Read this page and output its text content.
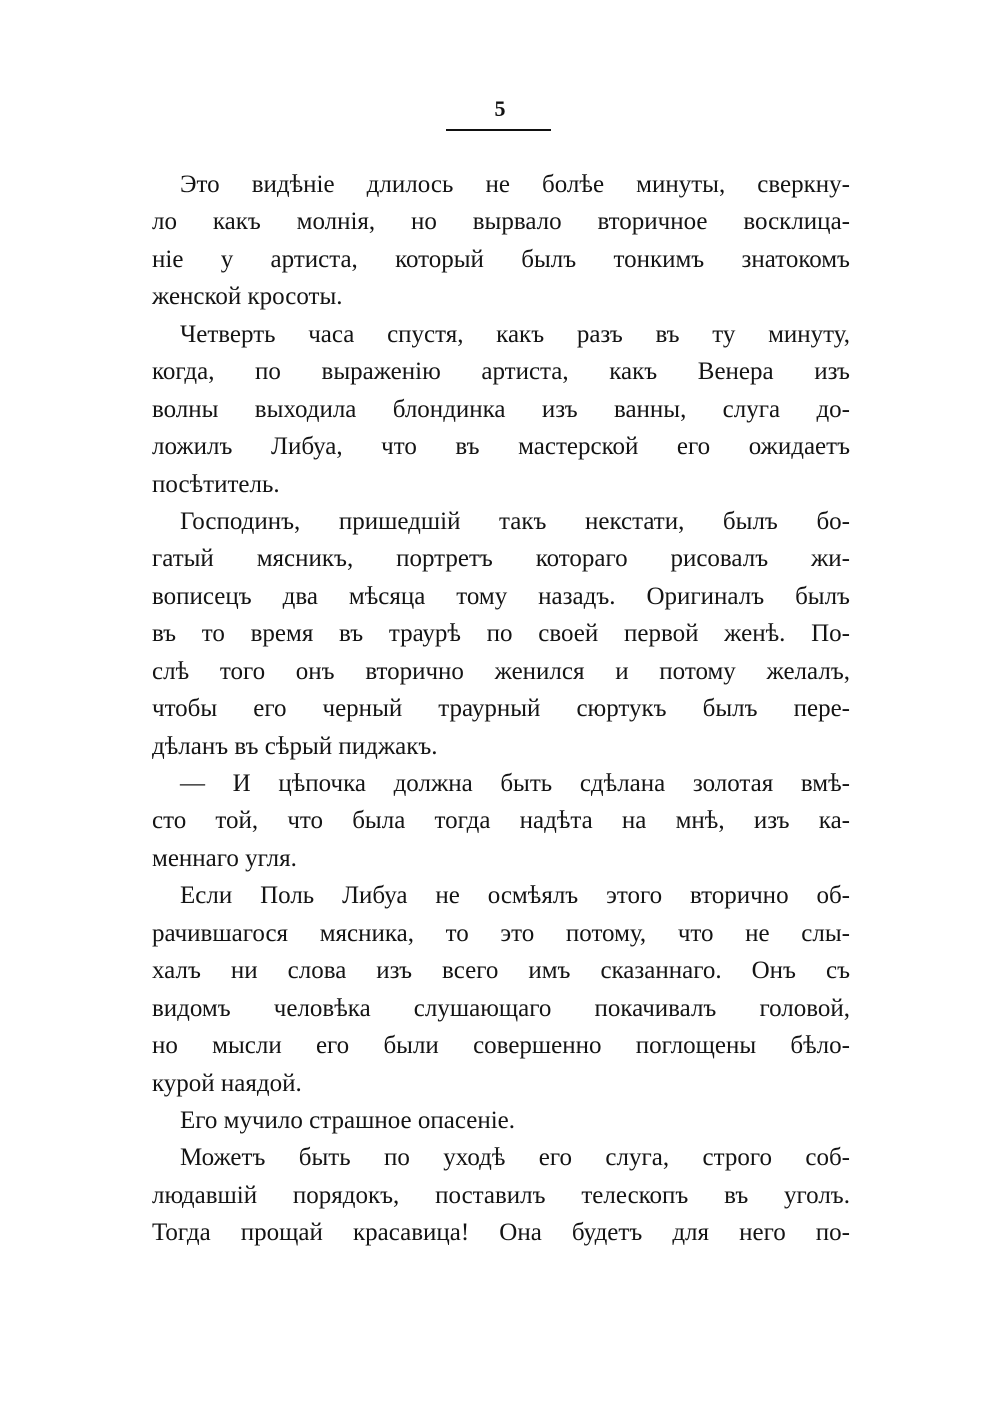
5
Это видѣніе длилось не болѣе минуты, сверкну-
ло какъ молнія, но вырвало вторичное восклица-
ніе у артиста, который былъ тонкимъ знатокомъ
женской кросоты.
Четверть часа спустя, какъ разъ въ ту минуту,
когда, по выраженію артиста, какъ Венера изъ
волны выходила блондинка изъ ванны, слуга до-
ложилъ Либуа, что въ мастерской его ожидаетъ
посѣтитель.
Господинъ, пришедшій такъ некстати, былъ бо-
гатый мясникъ, портретъ котораго рисовалъ жи-
вописецъ два мѣсяца тому назадъ. Оригиналъ былъ
въ то время въ траурѣ по своей первой женѣ. По-
слѣ того онъ вторично женился и потому желалъ,
чтобы его черный траурный сюртукъ былъ пере-
дѣланъ въ сѣрый пиджакъ.
— И цѣпочка должна быть сдѣлана золотая вмѣ-
сто той, что была тогда надѣта на мнѣ, изъ ка-
меннаго угля.
Если Поль Либуа не осмѣялъ этого вторично об-
рачившагося мясника, то это потому, что не слы-
халъ ни слова изъ всего имъ сказаннаго. Онъ съ
видомъ человѣка слушающаго покачивалъ головой,
но мысли его были совершенно поглощены бѣло-
курой наядой.
Его мучило страшное опасеніе.
Можетъ быть по уходѣ его слуга, строго соб-
людавшій порядокъ, поставилъ телескопъ въ уголъ.
Тогда прощай красавица! Она будетъ для него по-
